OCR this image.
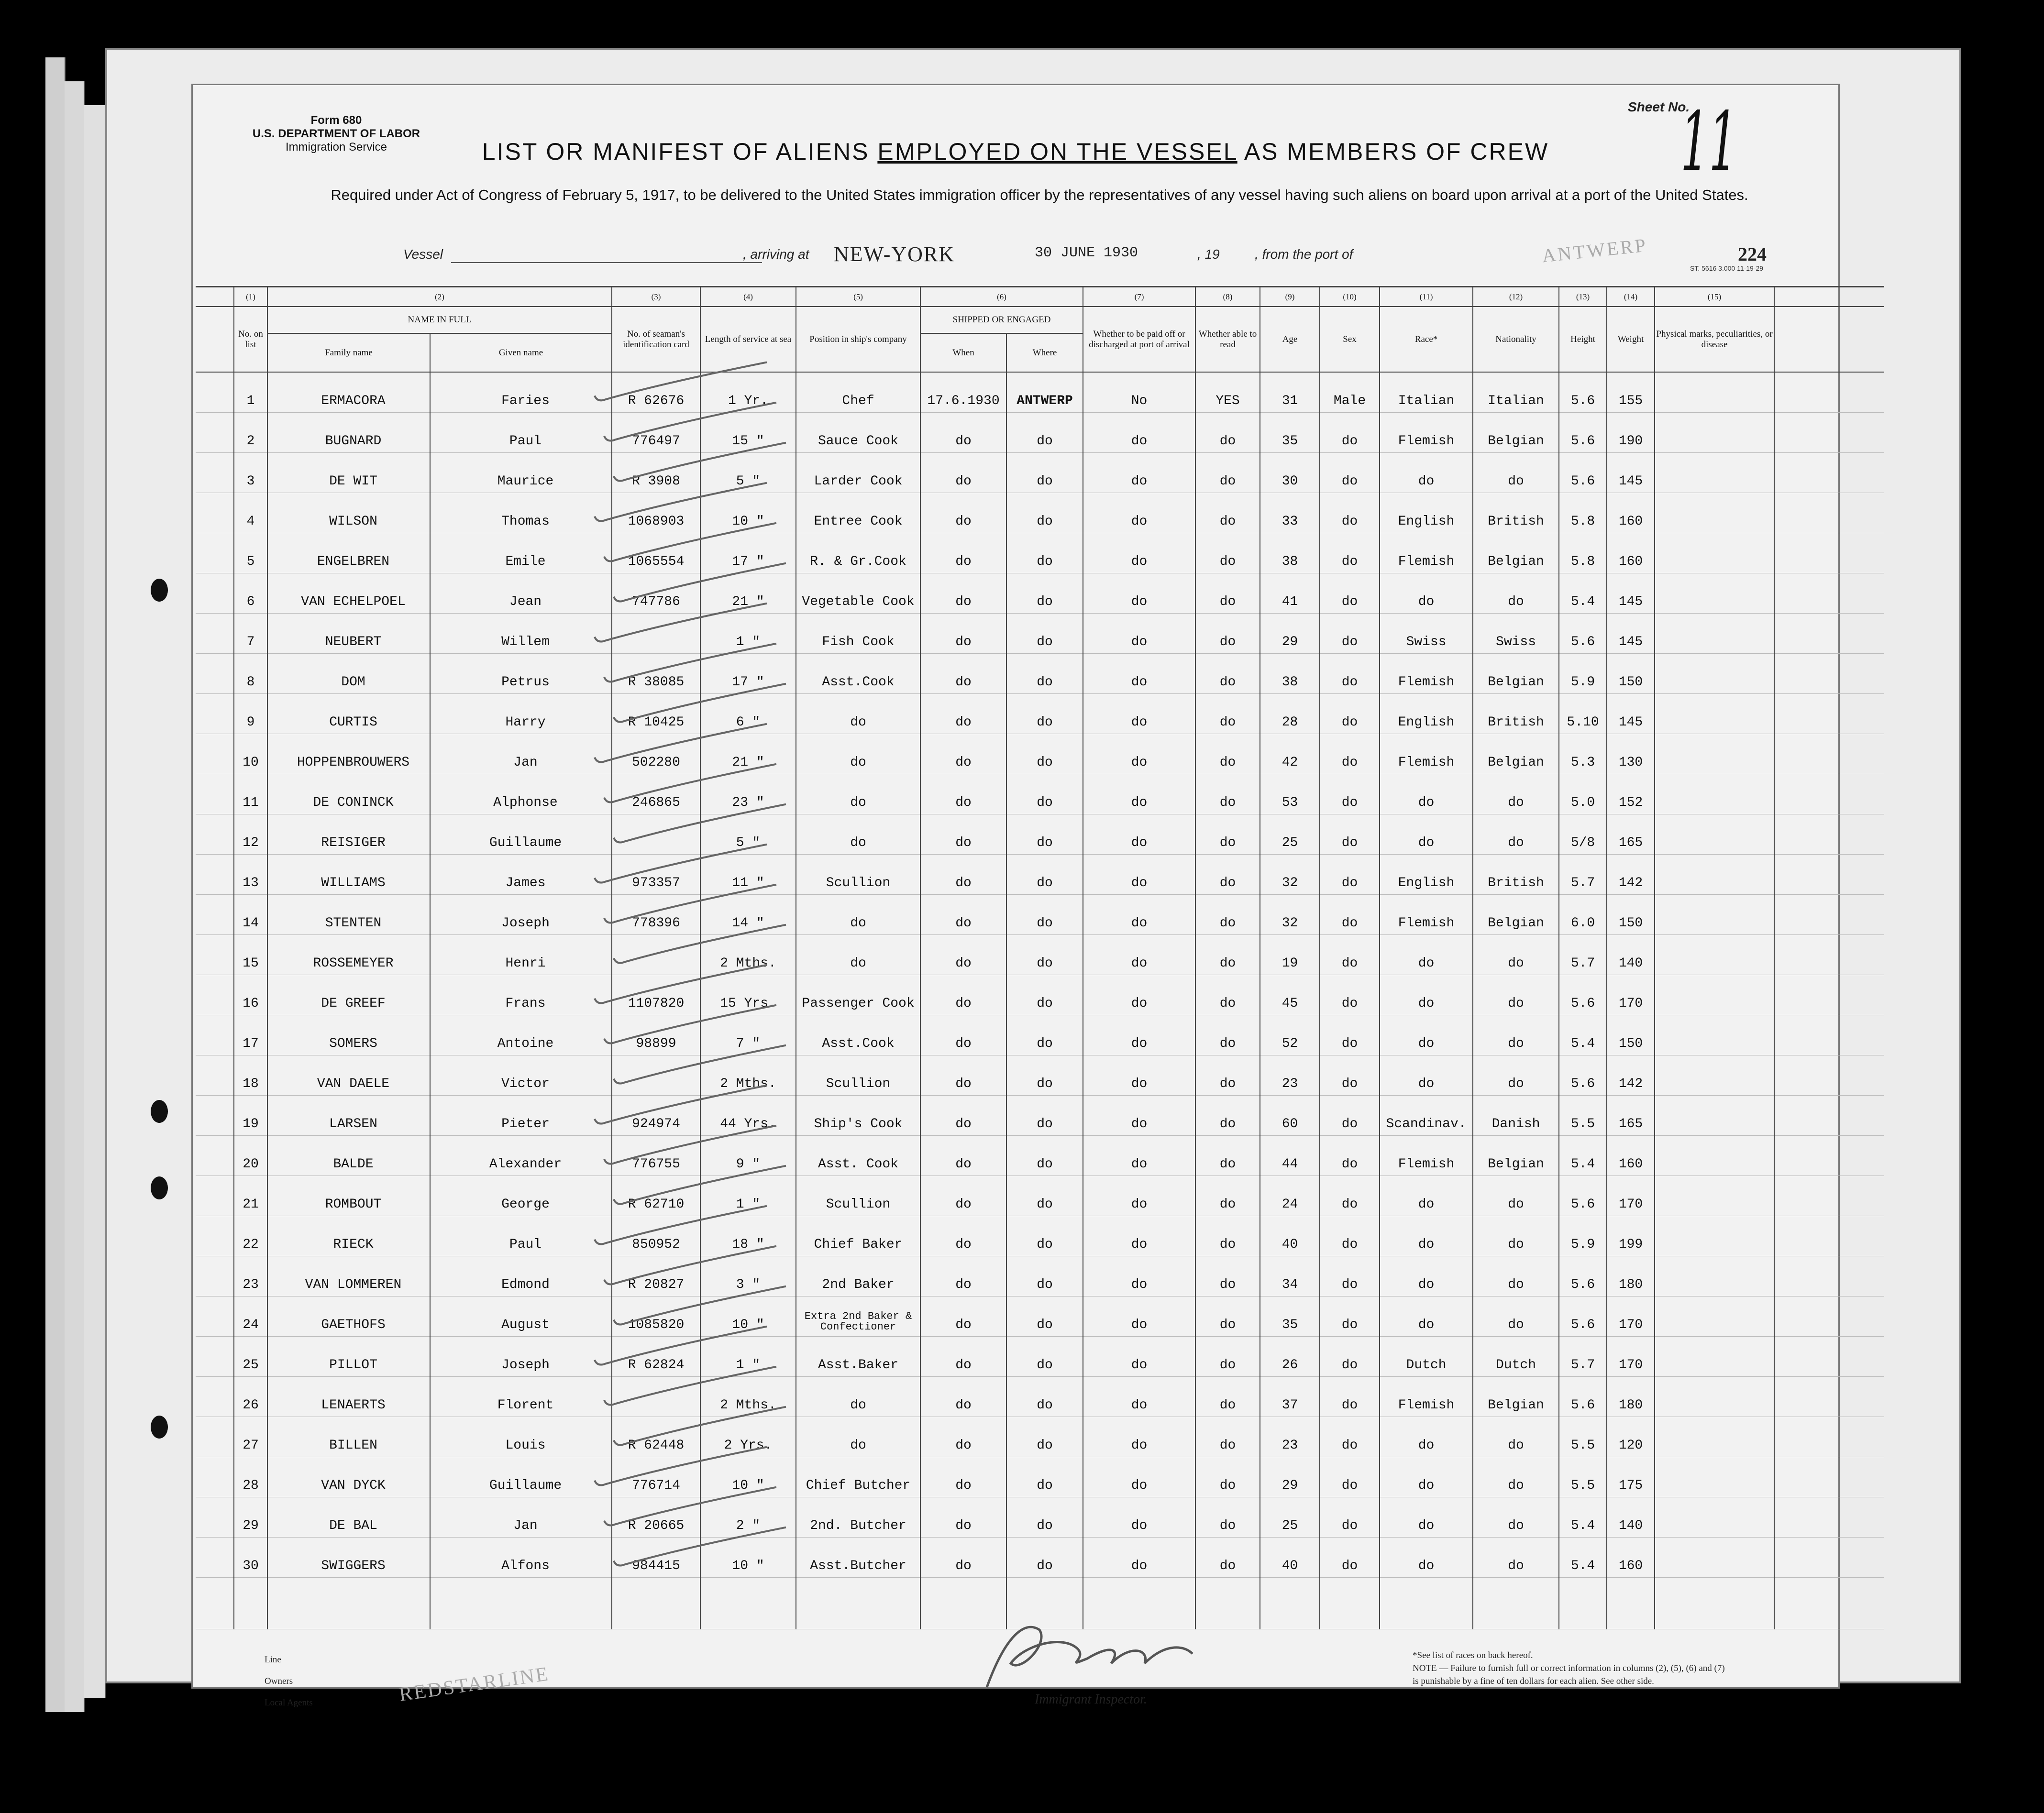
Form 680
U.S. DEPARTMENT OF LABOR
Immigration Service
Sheet No.
11
LIST OR MANIFEST OF ALIENS EMPLOYED ON THE VESSEL AS MEMBERS OF CREW
Required under Act of Congress of February 5, 1917, to be delivered to the United States immigration officer by the representatives of any vessel having such aliens on board upon arrival at a port of the United States.
Vessel	, arriving at NEW-YORK	30 JUNE 1930	, 19	, from the port of	ANTWERP	224
ST. 5616 3.000 11-19-29
	(1)	(2)		(3)	(4)	(5)	(6)		(7)	(8)	(9)	(10)	(11)	(12)	(13)	(14)	(15)	
	No. on list	NAME IN FULL		No. of seaman's identification card	Length of service at sea	Position in ship's company	SHIPPED OR ENGAGED		Whether to be paid off or discharged at port of arrival	Whether able to read	Age	Sex	Race*	Nationality	Height	Weight	Physical marks, peculiarities, or disease	
		Family name	Given name				When	Where										
	1	ERMACORA	Faries	R 62676	1 Yr.	Chef	17.6.1930	ANTWERP	No	YES	31	Male	Italian	Italian	5.6	155		
	2	BUGNARD	Paul	776497	15 "	Sauce Cook	do	do	do	do	35	do	Flemish	Belgian	5.6	190		
	3	DE WIT	Maurice	R 3908	5 "	Larder Cook	do	do	do	do	30	do	do	do	5.6	145		
	4	WILSON	Thomas	1068903	10 "	Entree Cook	do	do	do	do	33	do	English	British	5.8	160		
	5	ENGELBREN	Emile	1065554	17 "	R. & Gr.Cook	do	do	do	do	38	do	Flemish	Belgian	5.8	160		
	6	VAN ECHELPOEL	Jean	747786	21 "	Vegetable Cook	do	do	do	do	41	do	do	do	5.4	145		
	7	NEUBERT	Willem		1 "	Fish Cook	do	do	do	do	29	do	Swiss	Swiss	5.6	145		
	8	DOM	Petrus	R 38085	17 "	Asst.Cook	do	do	do	do	38	do	Flemish	Belgian	5.9	150		
	9	CURTIS	Harry	R 10425	6 "	do	do	do	do	do	28	do	English	British	5.10	145		
	10	HOPPENBROUWERS	Jan	502280	21 "	do	do	do	do	do	42	do	Flemish	Belgian	5.3	130		
	11	DE CONINCK	Alphonse	246865	23 "	do	do	do	do	do	53	do	do	do	5.0	152		
	12	REISIGER	Guillaume		5 "	do	do	do	do	do	25	do	do	do	5/8	165		
	13	WILLIAMS	James	973357	11 "	Scullion	do	do	do	do	32	do	English	British	5.7	142		
	14	STENTEN	Joseph	778396	14 "	do	do	do	do	do	32	do	Flemish	Belgian	6.0	150		
	15	ROSSEMEYER	Henri		2 Mths.	do	do	do	do	do	19	do	do	do	5.7	140		
	16	DE GREEF	Frans	1107820	15 Yrs.	Passenger Cook	do	do	do	do	45	do	do	do	5.6	170		
	17	SOMERS	Antoine	98899	7 "	Asst.Cook	do	do	do	do	52	do	do	do	5.4	150		
	18	VAN DAELE	Victor		2 Mths.	Scullion	do	do	do	do	23	do	do	do	5.6	142		
	19	LARSEN	Pieter	924974	44 Yrs.	Ship's Cook	do	do	do	do	60	do	Scandinav.	Danish	5.5	165		
	20	BALDE	Alexander	776755	9 "	Asst. Cook	do	do	do	do	44	do	Flemish	Belgian	5.4	160		
	21	ROMBOUT	George	R 62710	1 "	Scullion	do	do	do	do	24	do	do	do	5.6	170		
	22	RIECK	Paul	850952	18 "	Chief Baker	do	do	do	do	40	do	do	do	5.9	199		
	23	VAN LOMMEREN	Edmond	R 20827	3 "	2nd Baker	do	do	do	do	34	do	do	do	5.6	180		
	24	GAETHOFS	August	1085820	10 "	Extra 2nd Baker & Confectioner	do	do	do	do	35	do	do	do	5.6	170		
	25	PILLOT	Joseph	R 62824	1 "	Asst.Baker	do	do	do	do	26	do	Dutch	Dutch	5.7	170		
	26	LENAERTS	Florent		2 Mths.	do	do	do	do	do	37	do	Flemish	Belgian	5.6	180		
	27	BILLEN	Louis	R 62448	2 Yrs.	do	do	do	do	do	23	do	do	do	5.5	120		
	28	VAN DYCK	Guillaume	776714	10 "	Chief Butcher	do	do	do	do	29	do	do	do	5.5	175		
	29	DE BAL	Jan	R 20665	2 "	2nd. Butcher	do	do	do	do	25	do	do	do	5.4	140		
	30	SWIGGERS	Alfons	984415	10 "	Asst.Butcher	do	do	do	do	40	do	do	do	5.4	160		

Line
Owners
Local Agents	REDSTARLINE	Immigrant Inspector.
*See list of races on back hereof.
NOTE — Failure to furnish full or correct information in columns (2), (5), (6) and (7) is punishable by a fine of ten dollars for each alien. See other side.
